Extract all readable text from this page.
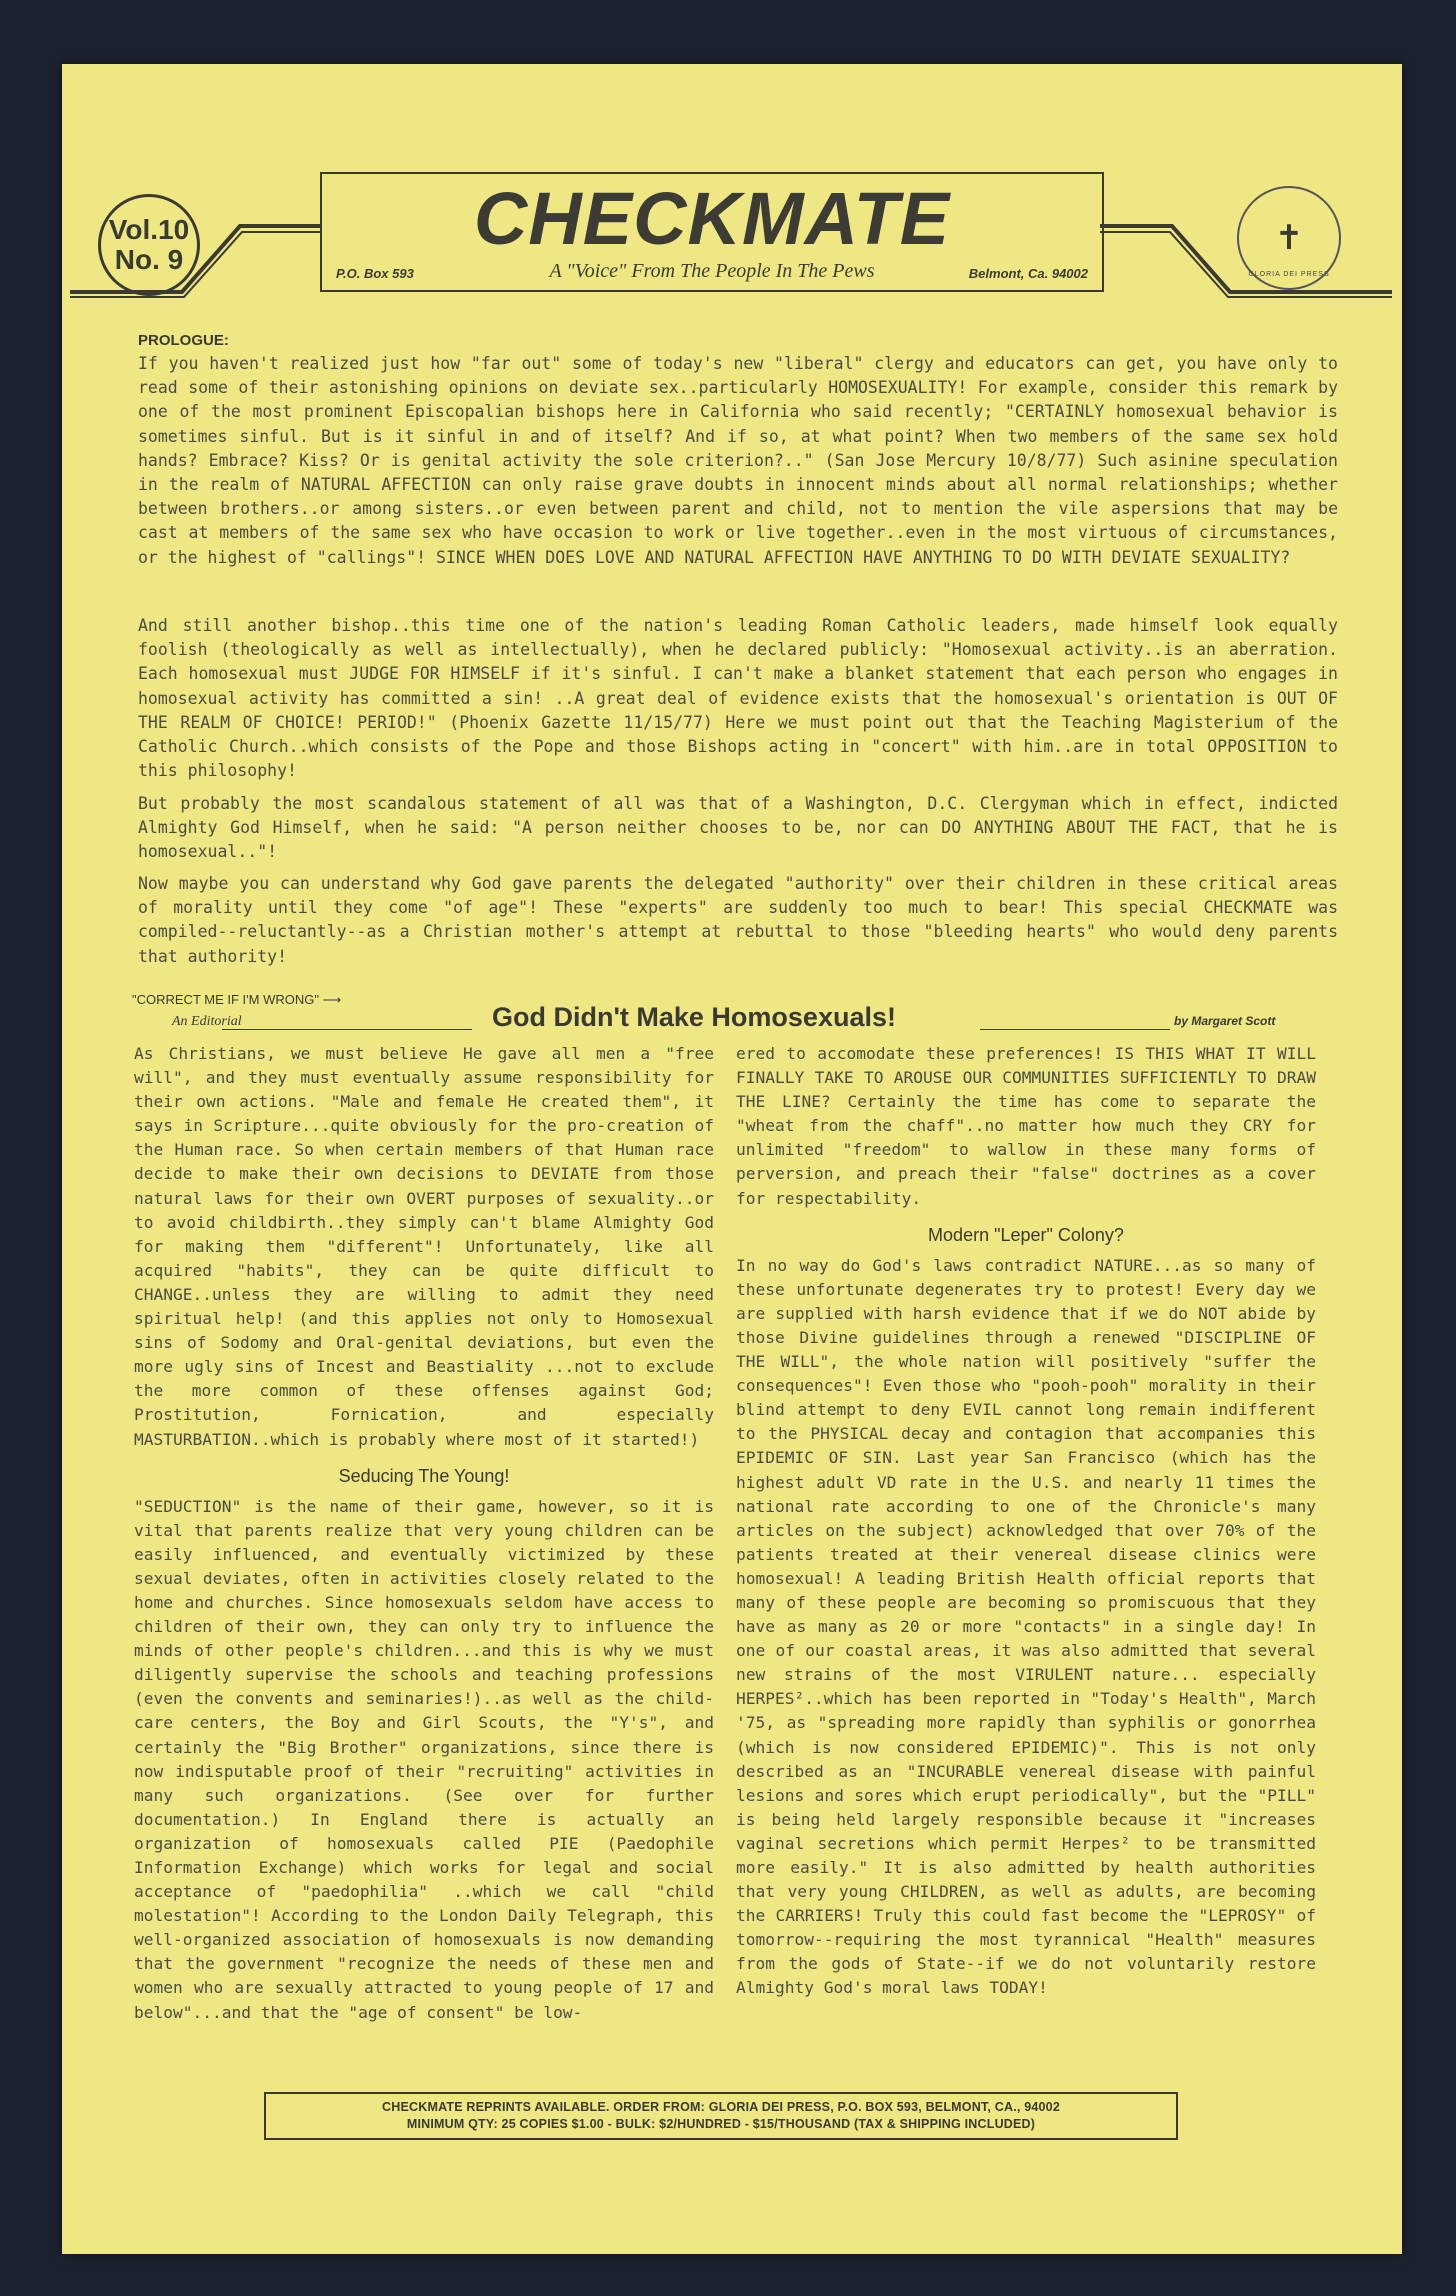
Vol.10
No. 9	CHECKMATE
P.O. Box 593	A "Voice" From The People In The Pews	Belmont, Ca. 94002
✝
GLORIA DEI PRESS
PROLOGUE:

If you haven't realized just how "far out" some of today's new "liberal" clergy and educators can get, you have only to read some of their astonishing opinions on deviate sex..particularly HOMOSEXUALITY! For example, consider this remark by one of the most prominent Episcopalian bishops here in California who said recently; "CERTAINLY homosexual behavior is sometimes sinful. But is it sinful in and of itself? And if so, at what point? When two members of the same sex hold hands? Embrace? Kiss? Or is genital activity the sole criterion?.." (San Jose Mercury 10/8/77) Such asinine speculation in the realm of NATURAL AFFECTION can only raise grave doubts in innocent minds about all normal relationships; whether between brothers..or among sisters..or even between parent and child, not to mention the vile aspersions that may be cast at members of the same sex who have occasion to work or live together..even in the most virtuous of circumstances, or the highest of "callings"! SINCE WHEN DOES LOVE AND NATURAL AFFECTION HAVE ANYTHING TO DO WITH DEVIATE SEXUALITY?

And still another bishop..this time one of the nation's leading Roman Catholic leaders, made himself look equally foolish (theologically as well as intellectually), when he declared publicly: "Homosexual activity..is an aberration. Each homosexual must JUDGE FOR HIMSELF if it's sinful. I can't make a blanket statement that each person who engages in homosexual activity has committed a sin! ..A great deal of evidence exists that the homosexual's orientation is OUT OF THE REALM OF CHOICE! PERIOD!" (Phoenix Gazette 11/15/77) Here we must point out that the Teaching Magisterium of the Catholic Church..which consists of the Pope and those Bishops acting in "concert" with him..are in total OPPOSITION to this philosophy!

But probably the most scandalous statement of all was that of a Washington, D.C. Clergyman which in effect, indicted Almighty God Himself, when he said: "A person neither chooses to be, nor can DO ANYTHING ABOUT THE FACT, that he is homosexual.."!

Now maybe you can understand why God gave parents the delegated "authority" over their children in these critical areas of morality until they come "of age"! These "experts" are suddenly too much to bear! This special CHECKMATE was compiled--reluctantly--as a Christian mother's attempt at rebuttal to those "bleeding hearts" who would deny parents that authority!

"CORRECT ME IF I'M WRONG" ⟶
An Editorial	God Didn't Make Homosexuals!	by Margaret Scott

As Christians, we must believe He gave all men a "free will", and they must eventually assume responsibility for their own actions. "Male and female He created them", it says in Scripture...quite obviously for the pro-creation of the Human race. So when certain members of that Human race decide to make their own decisions to DEVIATE from those natural laws for their own OVERT purposes of sexuality..or to avoid childbirth..they simply can't blame Almighty God for making them "different"! Unfortunately, like all acquired "habits", they can be quite difficult to CHANGE..unless they are willing to admit they need spiritual help! (and this applies not only to Homosexual sins of Sodomy and Oral-genital deviations, but even the more ugly sins of Incest and Beastiality ...not to exclude the more common of these offenses against God; Prostitution, Fornication, and especially MASTURBATION..which is probably where most of it started!)

Seducing The Young!

"SEDUCTION" is the name of their game, however, so it is vital that parents realize that very young children can be easily influenced, and eventually victimized by these sexual deviates, often in activities closely related to the home and churches. Since homosexuals seldom have access to children of their own, they can only try to influence the minds of other people's children...and this is why we must diligently supervise the schools and teaching professions (even the convents and seminaries!)..as well as the child-care centers, the Boy and Girl Scouts, the "Y's", and certainly the "Big Brother" organizations, since there is now indisputable proof of their "recruiting" activities in many such organizations. (See over for further documentation.) In England there is actually an organization of homosexuals called PIE (Paedophile Information Exchange) which works for legal and social acceptance of "paedophilia" ..which we call "child molestation"! According to the London Daily Telegraph, this well-organized association of homosexuals is now demanding that the government "recognize the needs of these men and women who are sexually attracted to young people of 17 and below"...and that the "age of consent" be low-

ered to accomodate these preferences! IS THIS WHAT IT WILL FINALLY TAKE TO AROUSE OUR COMMUNITIES SUFFICIENTLY TO DRAW THE LINE? Certainly the time has come to separate the "wheat from the chaff"..no matter how much they CRY for unlimited "freedom" to wallow in these many forms of perversion, and preach their "false" doctrines as a cover for respectability.

Modern "Leper" Colony?

In no way do God's laws contradict NATURE...as so many of these unfortunate degenerates try to protest! Every day we are supplied with harsh evidence that if we do NOT abide by those Divine guidelines through a renewed "DISCIPLINE OF THE WILL", the whole nation will positively "suffer the consequences"! Even those who "pooh-pooh" morality in their blind attempt to deny EVIL cannot long remain indifferent to the PHYSICAL decay and contagion that accompanies this EPIDEMIC OF SIN. Last year San Francisco (which has the highest adult VD rate in the U.S. and nearly 11 times the national rate according to one of the Chronicle's many articles on the subject) acknowledged that over 70% of the patients treated at their venereal disease clinics were homosexual! A leading British Health official reports that many of these people are becoming so promiscuous that they have as many as 20 or more "contacts" in a single day! In one of our coastal areas, it was also admitted that several new strains of the most VIRULENT nature... especially HERPES²..which has been reported in "Today's Health", March '75, as "spreading more rapidly than syphilis or gonorrhea (which is now considered EPIDEMIC)". This is not only described as an "INCURABLE venereal disease with painful lesions and sores which erupt periodically", but the "PILL" is being held largely responsible because it "increases vaginal secretions which permit Herpes² to be transmitted more easily." It is also admitted by health authorities that very young CHILDREN, as well as adults, are becoming the CARRIERS! Truly this could fast become the "LEPROSY" of tomorrow--requiring the most tyrannical "Health" measures from the gods of State--if we do not voluntarily restore Almighty God's moral laws TODAY!

CHECKMATE REPRINTS AVAILABLE. ORDER FROM: GLORIA DEI PRESS, P.O. BOX 593, BELMONT, CA., 94002
MINIMUM QTY: 25 COPIES $1.00 - BULK: $2/HUNDRED - $15/THOUSAND (TAX & SHIPPING INCLUDED)
